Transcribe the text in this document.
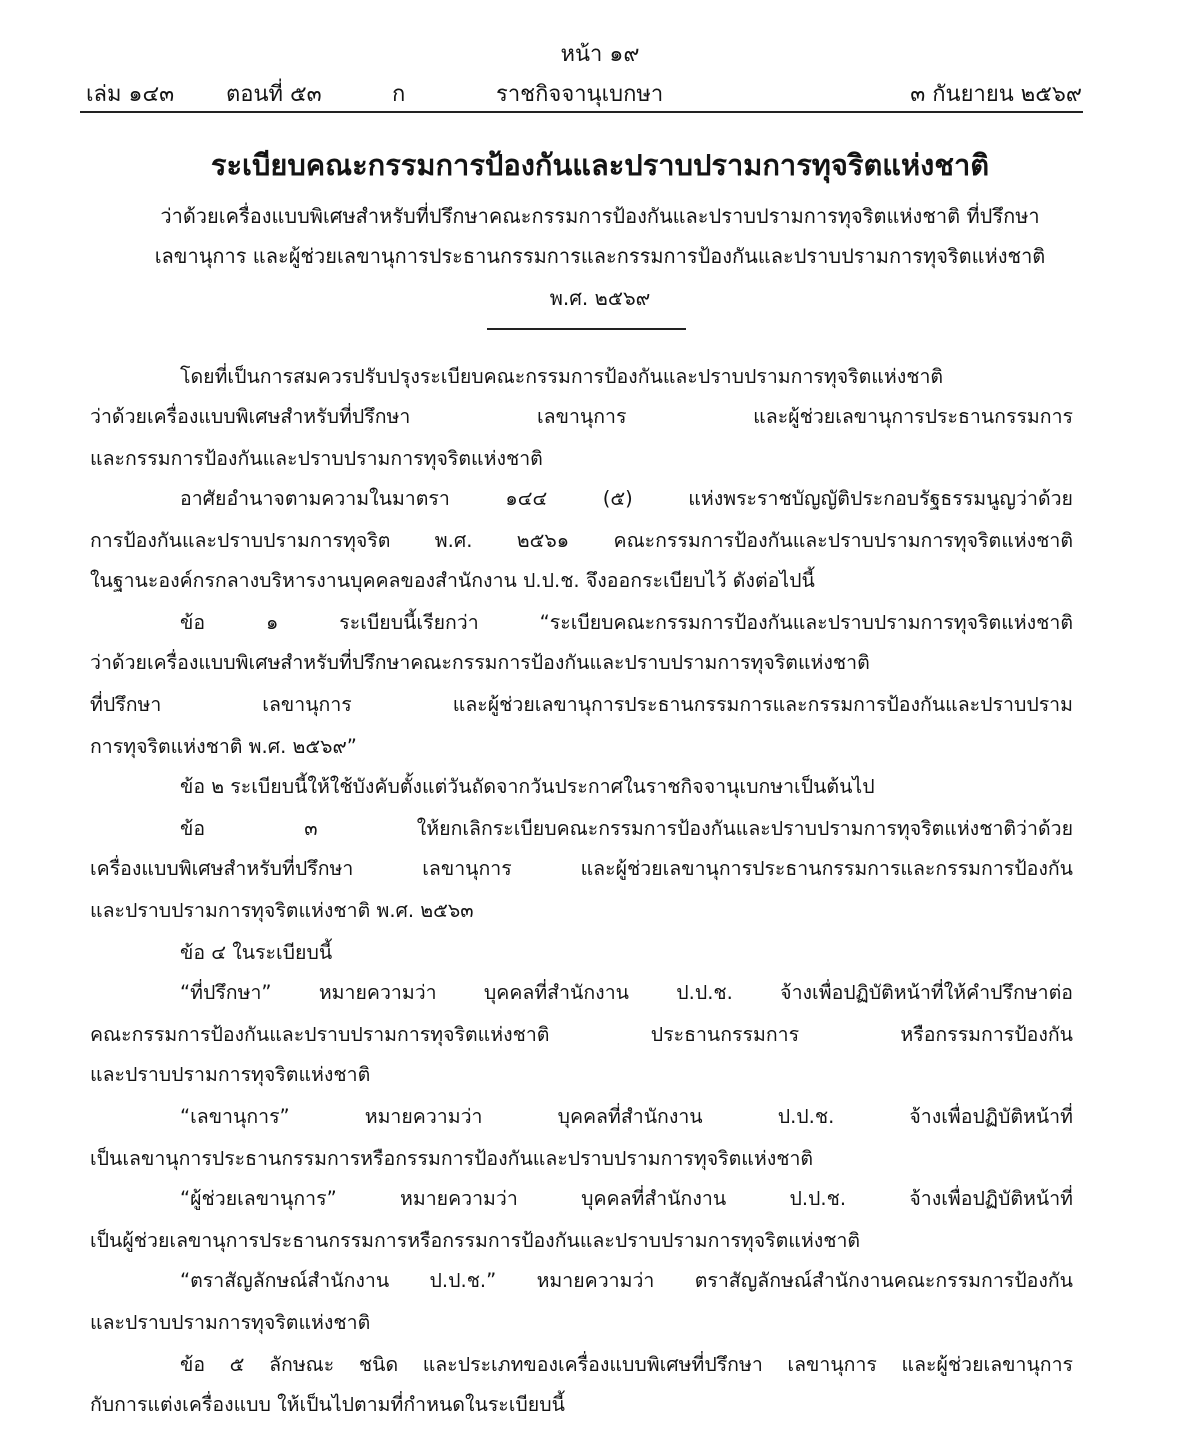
หน้า ๑๙
เล่ม ๑๔๓ ตอนที่ ๕๓	ก	ราชกิจจานุเบกษา	๓ กันยายน ๒๕๖๙
ระเบียบคณะกรรมการป้องกันและปราบปรามการทุจริตแห่งชาติ
ว่าด้วยเครื่องแบบพิเศษสำหรับที่ปรึกษาคณะกรรมการป้องกันและปราบปรามการทุจริตแห่งชาติ ที่ปรึกษา
เลขานุการ และผู้ช่วยเลขานุการประธานกรรมการและกรรมการป้องกันและปราบปรามการทุจริตแห่งชาติ
พ.ศ. ๒๕๖๙
โดยที่เป็นการสมควรปรับปรุงระเบียบคณะกรรมการป้องกันและปราบปรามการทุจริตแห่งชาติ
ว่าด้วยเครื่องแบบพิเศษสำหรับที่ปรึกษา เลขานุการ และผู้ช่วยเลขานุการประธานกรรมการ
และกรรมการป้องกันและปราบปรามการทุจริตแห่งชาติ
อาศัยอำนาจตามความในมาตรา ๑๔๔ (๕) แห่งพระราชบัญญัติประกอบรัฐธรรมนูญว่าด้วย
การป้องกันและปราบปรามการทุจริต พ.ศ. ๒๕๖๑ คณะกรรมการป้องกันและปราบปรามการทุจริตแห่งชาติ
ในฐานะองค์กรกลางบริหารงานบุคคลของสำนักงาน ป.ป.ช. จึงออกระเบียบไว้ ดังต่อไปนี้
ข้อ ๑ ระเบียบนี้เรียกว่า “ระเบียบคณะกรรมการป้องกันและปราบปรามการทุจริตแห่งชาติ
ว่าด้วยเครื่องแบบพิเศษสำหรับที่ปรึกษาคณะกรรมการป้องกันและปราบปรามการทุจริตแห่งชาติ
ที่ปรึกษา เลขานุการ และผู้ช่วยเลขานุการประธานกรรมการและกรรมการป้องกันและปราบปราม
การทุจริตแห่งชาติ พ.ศ. ๒๕๖๙”
ข้อ ๒ ระเบียบนี้ให้ใช้บังคับตั้งแต่วันถัดจากวันประกาศในราชกิจจานุเบกษาเป็นต้นไป
ข้อ ๓ ให้ยกเลิกระเบียบคณะกรรมการป้องกันและปราบปรามการทุจริตแห่งชาติว่าด้วย
เครื่องแบบพิเศษสำหรับที่ปรึกษา เลขานุการ และผู้ช่วยเลขานุการประธานกรรมการและกรรมการป้องกัน
และปราบปรามการทุจริตแห่งชาติ พ.ศ. ๒๕๖๓
ข้อ ๔ ในระเบียบนี้
“ที่ปรึกษา” หมายความว่า บุคคลที่สำนักงาน ป.ป.ช. จ้างเพื่อปฏิบัติหน้าที่ให้คำปรึกษาต่อ
คณะกรรมการป้องกันและปราบปรามการทุจริตแห่งชาติ ประธานกรรมการ หรือกรรมการป้องกัน
และปราบปรามการทุจริตแห่งชาติ
“เลขานุการ” หมายความว่า บุคคลที่สำนักงาน ป.ป.ช. จ้างเพื่อปฏิบัติหน้าที่
เป็นเลขานุการประธานกรรมการหรือกรรมการป้องกันและปราบปรามการทุจริตแห่งชาติ
“ผู้ช่วยเลขานุการ” หมายความว่า บุคคลที่สำนักงาน ป.ป.ช. จ้างเพื่อปฏิบัติหน้าที่
เป็นผู้ช่วยเลขานุการประธานกรรมการหรือกรรมการป้องกันและปราบปรามการทุจริตแห่งชาติ
“ตราสัญลักษณ์สำนักงาน ป.ป.ช.” หมายความว่า ตราสัญลักษณ์สำนักงานคณะกรรมการป้องกัน
และปราบปรามการทุจริตแห่งชาติ
ข้อ ๕ ลักษณะ ชนิด และประเภทของเครื่องแบบพิเศษที่ปรึกษา เลขานุการ และผู้ช่วยเลขานุการ
กับการแต่งเครื่องแบบ ให้เป็นไปตามที่กำหนดในระเบียบนี้
